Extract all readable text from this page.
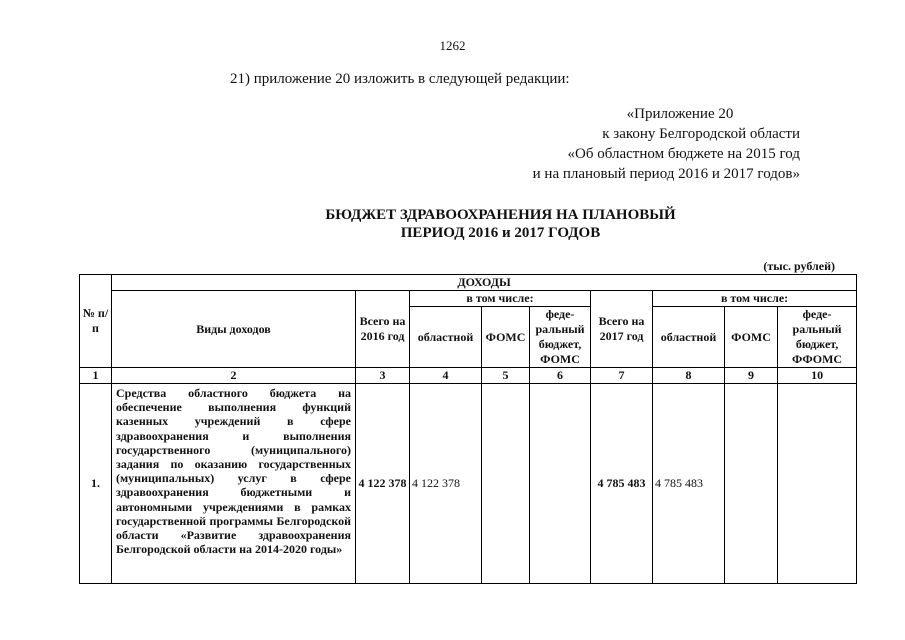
1262
21) приложение 20 изложить в следующей редакции:
«Приложение 20
к закону Белгородской области
«Об областном бюджете на 2015 год
и на плановый период 2016 и 2017 годов»
БЮДЖЕТ ЗДРАВООХРАНЕНИЯ НА ПЛАНОВЫЙ
ПЕРИОД 2016 и 2017 ГОДОВ
(тыс. рублей)
№ п/п	ДОХОДЫ								
	Виды доходов	Всего на 2016 год	в том числе:			Всего на 2017 год	в том числе:		
			областной	ФОМС	феде-ральный бюджет, ФОМС		областной	ФОМС	феде-ральный бюджет, ФФОМС
1	2	3	4	5	6	7	8	9	10
1.	Средства областного бюджета на обеспечение выполнения функций казенных учреждений в сфере здравоохранения и выполнения государственного (муниципального) задания по оказанию государственных (муниципальных) услуг в сфере здравоохранения бюджетными и автономными учреждениями в рамках государственной программы Белгородской области «Развитие здравоохранения Белгородской области на 2014-2020 годы»	4 122 378	4 122 378			4 785 483	4 785 483		
